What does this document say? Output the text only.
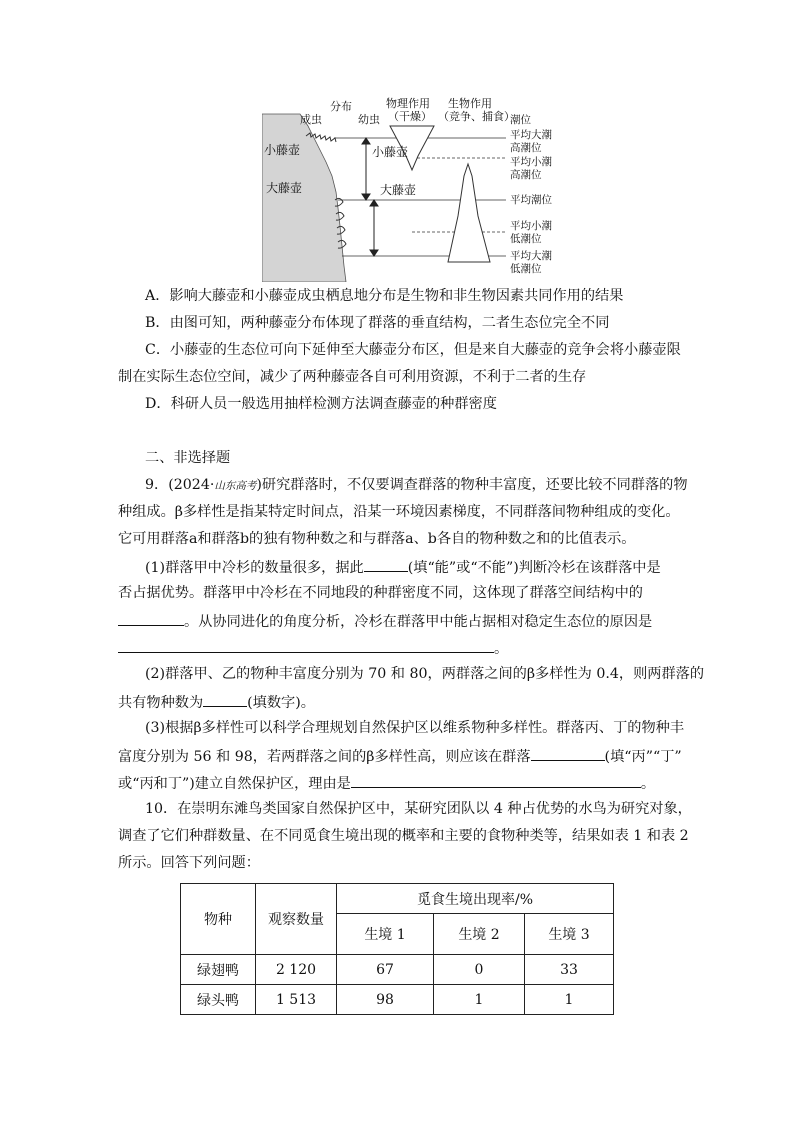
分布
成虫	幼虫
物理作用
（干燥）
生物作用
（竞争、捕食）
小藤壶
大藤壶
小藤壶
大藤壶
潮位
平均大潮
高潮位
平均小潮
高潮位
平均潮位
平均小潮
低潮位
平均大潮
低潮位
A．影响大藤壶和小藤壶成虫栖息地分布是生物和非生物因素共同作用的结果
B．由图可知，两种藤壶分布体现了群落的垂直结构，二者生态位完全不同
C．小藤壶的生态位可向下延伸至大藤壶分布区，但是来自大藤壶的竞争会将小藤壶限
制在实际生态位空间，减少了两种藤壶各自可利用资源，不利于二者的生存
D．科研人员一般选用抽样检测方法调查藤壶的种群密度
二、非选择题
9．(2024·山东高考)研究群落时，不仅要调查群落的物种丰富度，还要比较不同群落的物
种组成。β多样性是指某特定时间点，沿某一环境因素梯度，不同群落间物种组成的变化。
它可用群落a和群落b的独有物种数之和与群落a、b各自的物种数之和的比值表示。
(1)群落甲中冷杉的数量很多，据此	(填“能”或“不能”)判断冷杉在该群落中是
否占据优势。群落甲中冷杉在不同地段的种群密度不同，这体现了群落空间结构中的
。从协同进化的角度分析，冷杉在群落甲中能占据相对稳定生态位的原因是
。
(2)群落甲、乙的物种丰富度分别为 70 和 80，两群落之间的β多样性为 0.4，则两群落的
共有物种数为	(填数字)。
(3)根据β多样性可以科学合理规划自然保护区以维系物种多样性。群落丙、丁的物种丰
富度分别为 56 和 98，若两群落之间的β多样性高，则应该在群落	(填“丙”“丁”
或“丙和丁”)建立自然保护区，理由是	。
10．在崇明东滩鸟类国家自然保护区中，某研究团队以 4 种占优势的水鸟为研究对象，
调查了它们种群数量、在不同觅食生境出现的概率和主要的食物种类等，结果如表 1 和表 2
所示。回答下列问题：
物种	观察数量	觅食生境出现率/%		
		生境 1	生境 2	生境 3
绿翅鸭	2 120	67	0	33
绿头鸭	1 513	98	1	1
